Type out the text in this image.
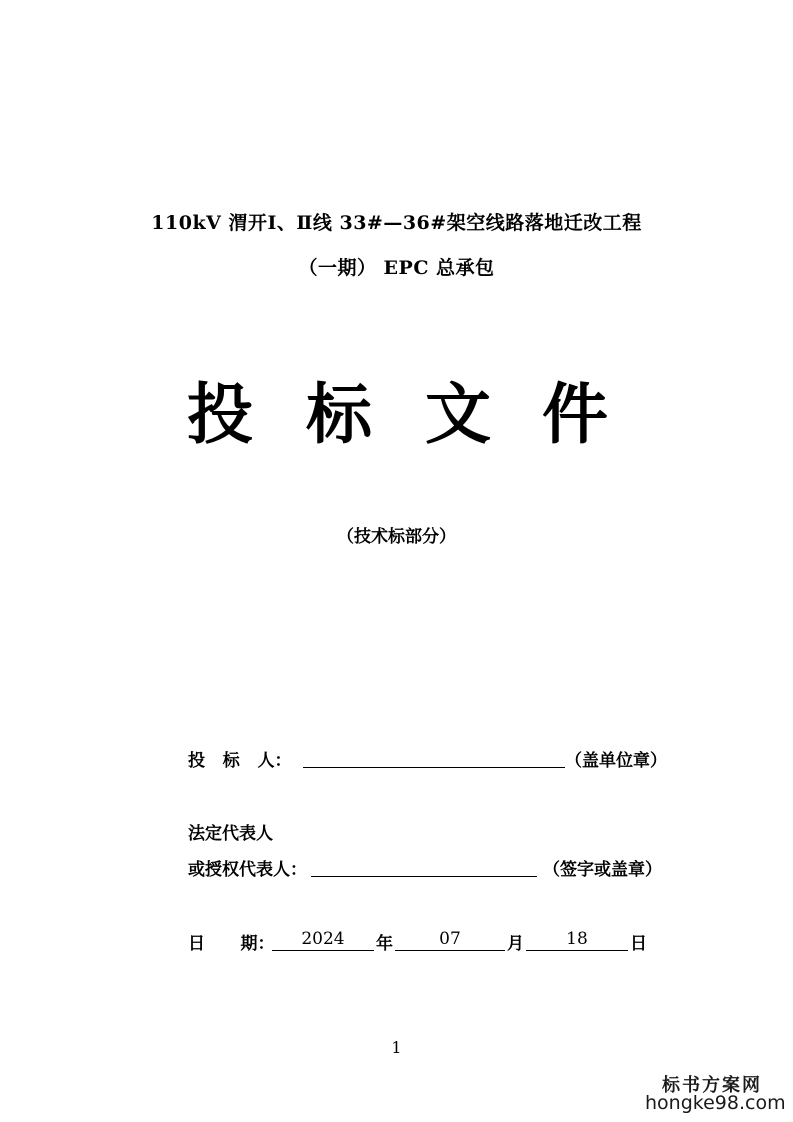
110kV 渭开Ⅰ、Ⅱ线 33#—36#架空线路落地迁改工程
（一期） EPC 总承包
投 标 文 件
（技术标部分）
投   标   人：	（盖单位章）
法定代表人
或授权代表人：	（签字或盖章）
日      期：	2024	年	07	月	18	日
1
标书方案网
hongke98.com
